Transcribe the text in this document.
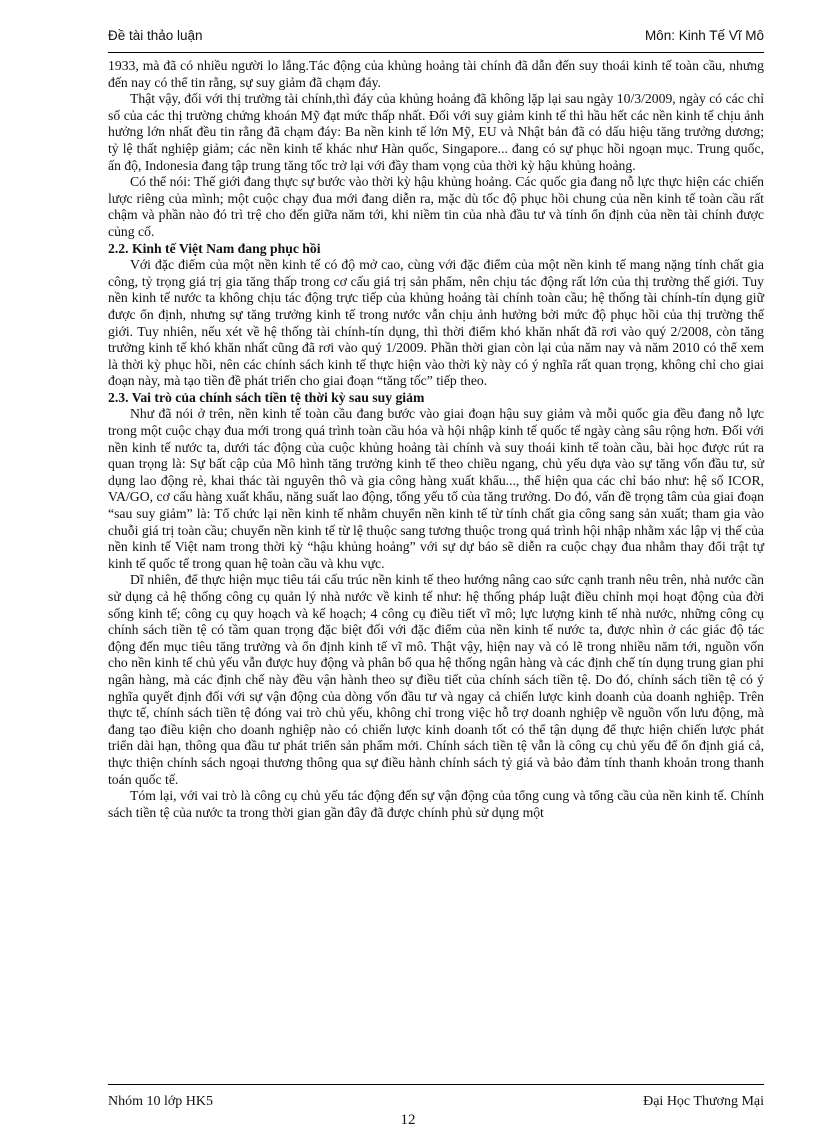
Đề tài thảo luận	Môn: Kinh Tế Vĩ Mô

1933, mà đã có nhiều người lo lắng.Tác động của khủng hoảng tài chính đã dẫn đến suy thoái kinh tế toàn cầu, nhưng đến nay có thể tin rằng, sự suy giảm đã chạm đáy.

Thật vậy, đối với thị trường tài chính,thì đáy của khủng hoảng đã không lặp lại sau ngày 10/3/2009, ngày có các chỉ số của các thị trường chứng khoán Mỹ đạt mức thấp nhất. Đối với suy giảm kinh tế thì hầu hết các nền kinh tế chịu ảnh hưởng lớn nhất đều tin rằng đã chạm đáy: Ba nền kinh tế lớn Mỹ, EU và Nhật bản đã có dấu hiệu tăng trưởng dương; tỷ lệ thất nghiệp giảm; các nền kinh tế khác như Hàn quốc, Singapore... đang có sự phục hồi ngoạn mục. Trung quốc, ấn độ, Indonesia đang tập trung tăng tốc trở lại với đầy tham vọng của thời kỳ hậu khủng hoảng.

Có thể nói: Thế giới đang thực sự bước vào thời kỳ hậu khủng hoảng. Các quốc gia đang nỗ lực thực hiện các chiến lược riêng của mình; một cuộc chạy đua mới đang diễn ra, mặc dù tốc độ phục hồi chung của nền kinh tế toàn cầu rất chậm và phần nào đó trì trệ cho đến giữa năm tới, khi niềm tin của nhà đầu tư và tính ổn định của nền tài chính được củng cố.

2.2. Kinh tế Việt Nam đang phục hồi

Với đặc điểm của một nền kinh tế có độ mở cao, cùng với đặc điểm của một nền kinh tế mang nặng tính chất gia công, tỷ trọng giá trị gia tăng thấp trong cơ cấu giá trị sản phẩm, nên chịu tác động rất lớn của thị trường thế giới. Tuy nền kinh tế nước ta không chịu tác động trực tiếp của khủng hoảng tài chính toàn cầu; hệ thống tài chính-tín dụng giữ được ổn định, nhưng sự tăng trưởng kinh tế trong nước vẫn chịu ảnh hưởng bởi mức độ phục hồi của thị trường thế giới. Tuy nhiên, nếu xét về hệ thống tài chính-tín dụng, thì thời điểm khó khăn nhất đã rơi vào quý 2/2008, còn tăng trưởng kinh tế khó khăn nhất cũng đã rơi vào quý 1/2009. Phần thời gian còn lại của năm nay và năm 2010 có thể xem là thời kỳ phục hồi, nên các chính sách kinh tế thực hiện vào thời kỳ này có ý nghĩa rất quan trọng, không chỉ cho giai đoạn này, mà tạo tiền đề phát triển cho giai đoạn “tăng tốc” tiếp theo.

2.3. Vai trò của chính sách tiền tệ thời kỳ sau suy giảm

Như đã nói ở trên, nền kinh tế toàn cầu đang bước vào giai đoạn hậu suy giảm và mỗi quốc gia đều đang nỗ lực trong một cuộc chạy đua mới trong quá trình toàn cầu hóa và hội nhập kinh tế quốc tế ngày càng sâu rộng hơn. Đối với nền kinh tế nước ta, dưới tác động của cuộc khủng hoảng tài chính và suy thoái kinh tế toàn cầu, bài học được rút ra quan trọng là: Sự bất cập của Mô hình tăng trưởng kinh tế theo chiều ngang, chủ yếu dựa vào sự tăng vốn đầu tư, sử dụng lao động rẻ, khai thác tài nguyên thô và gia công hàng xuất khẩu..., thể hiện qua các chỉ báo như: hệ số ICOR, VA/GO, cơ cấu hàng xuất khẩu, năng suất lao động, tổng yếu tố của tăng trưởng. Do đó, vấn đề trọng tâm của giai đoạn “sau suy giảm” là: Tổ chức lại nền kinh tế nhằm chuyển nền kinh tế từ tính chất gia công sang sản xuất; tham gia vào chuỗi giá trị toàn cầu; chuyển nền kinh tế từ lệ thuộc sang tương thuộc trong quá trình hội nhập nhằm xác lập vị thế của nền kinh tế Việt nam trong thời kỳ “hậu khủng hoảng” với sự dự báo sẽ diễn ra cuộc chạy đua nhằm thay đổi trật tự kinh tế quốc tế trong quan hệ toàn cầu và khu vực.

Dĩ nhiên, để thực hiện mục tiêu tái cấu trúc nền kinh tế theo hướng nâng cao sức cạnh tranh nêu trên, nhà nước cần sử dụng cả hệ thống công cụ quản lý nhà nước về kinh tế như: hệ thống pháp luật điều chỉnh mọi hoạt động của đời sống kinh tế; công cụ quy hoạch và kế hoạch; 4 công cụ điều tiết vĩ mô; lực lượng kinh tế nhà nước, những công cụ chính sách tiền tệ có tầm quan trọng đặc biệt đối với đặc điểm của nền kinh tế nước ta, được nhìn ở các giác độ tác động đến mục tiêu tăng trưởng và ổn định kinh tế vĩ mô. Thật vậy, hiện nay và có lẽ trong nhiều năm tới, nguồn vốn cho nền kinh tế chủ yếu vẫn được huy động và phân bổ qua hệ thống ngân hàng và các định chế tín dụng trung gian phi ngân hàng, mà các định chế này đều vận hành theo sự điều tiết của chính sách tiền tệ. Do đó, chính sách tiền tệ có ý nghĩa quyết định đối với sự vận động của dòng vốn đầu tư và ngay cả chiến lược kinh doanh của doanh nghiệp. Trên thực tế, chính sách tiền tệ đóng vai trò chủ yếu, không chỉ trong việc hỗ trợ doanh nghiệp về nguồn vốn lưu động, mà đang tạo điều kiện cho doanh nghiệp nào có chiến lược kinh doanh tốt có thể tận dụng để thực hiện chiến lược phát triển dài hạn, thông qua đầu tư phát triển sản phẩm mới. Chính sách tiền tệ vẫn là công cụ chủ yếu để ổn định giá cả, thực thiện chính sách ngoại thương thông qua sự điều hành chính sách tỷ giá và bảo đảm tính thanh khoản trong thanh toán quốc tế.

Tóm lại, với vai trò là công cụ chủ yếu tác động đến sự vận động của tổng cung và tổng cầu của nền kinh tế. Chính sách tiền tệ của nước ta trong thời gian gần đây đã được chính phủ sử dụng một

Nhóm 10 lớp HK5	Đại Học Thương Mại
12
